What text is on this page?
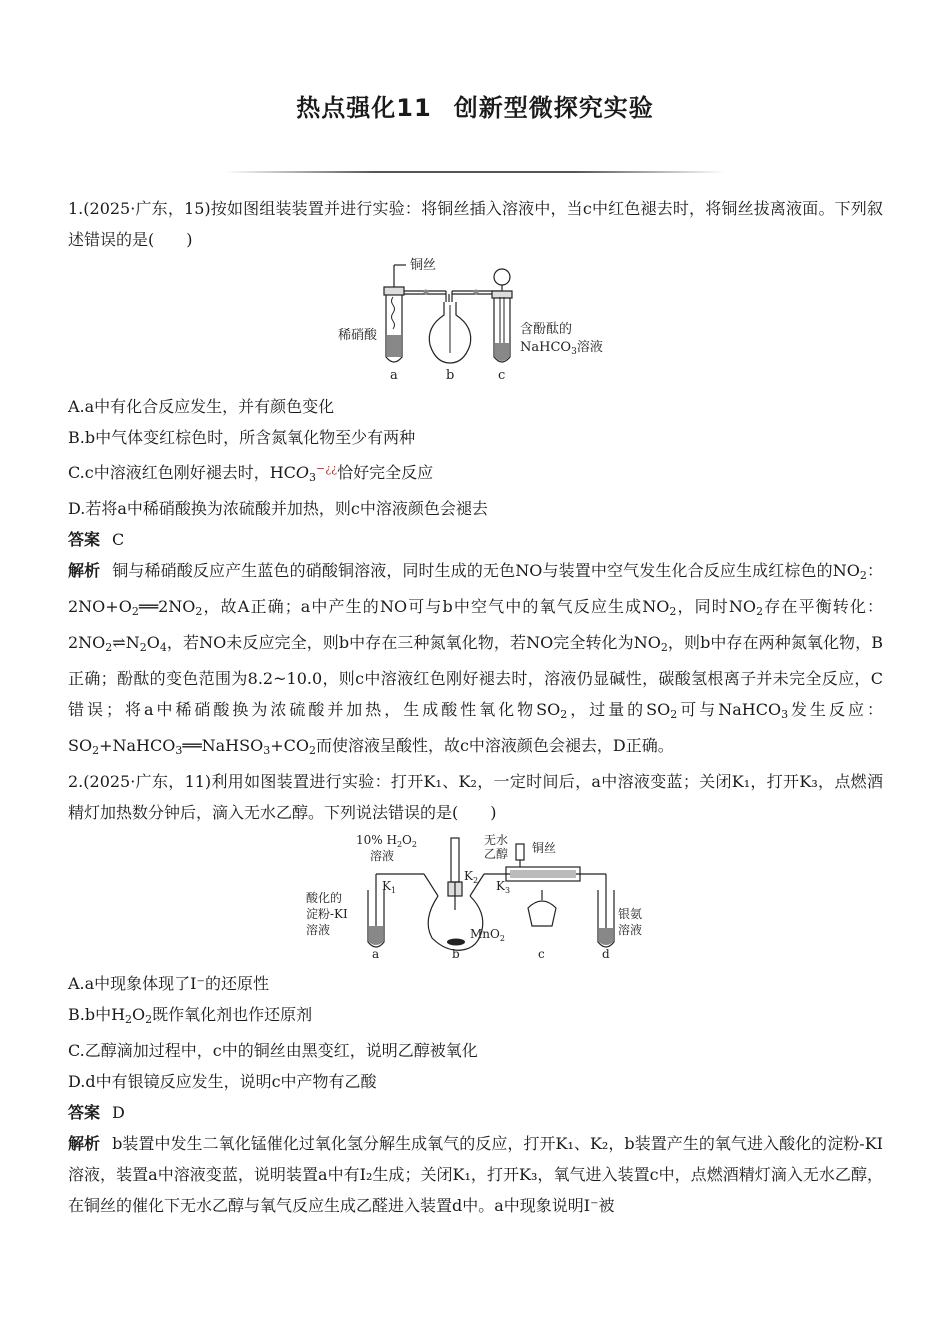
热点强化11 创新型微探究实验

1.(2025·广东，15)按如图组装装置并进行实验：将铜丝插入溶液中，当c中红色褪去时，将铜丝拔离液面。下列叙述错误的是(　　)

铜丝
稀硝酸	含酚酞的
NaHCO$_3$溶液
a	b	c

A.a中有化合反应发生，并有颜色变化

B.b中气体变红棕色时，所含氮氧化物至少有两种

C.c中溶液红色刚好褪去时，$HCO_3^{-¿¿}$恰好完全反应

D.若将a中稀硝酸换为浓硫酸并加热，则c中溶液颜色会褪去

答案 C

解析 铜与稀硝酸反应产生蓝色的硝酸铜溶液，同时生成的无色NO与装置中空气发生化合反应生成红棕色的$NO_2$：$2NO+O_2══2NO_2$，故A正确；a中产生的NO可与b中空气中的氧气反应生成$NO_2$，同时$NO_2$存在平衡转化：$2NO_2\rightleftharpoons N_2O_4$，若NO未反应完全，则b中存在三种氮氧化物，若NO完全转化为$NO_2$，则b中存在两种氮氧化物，B正确；酚酞的变色范围为8.2~10.0，则c中溶液红色刚好褪去时，溶液仍显碱性，碳酸氢根离子并未完全反应，C错误；将a中稀硝酸换为浓硫酸并加热，生成酸性氧化物$SO_2$，过量的$SO_2$可与NaHCO$_3$发生反应：$SO_2+NaHCO_3══NaHSO_3+CO_2$而使溶液呈酸性，故c中溶液颜色会褪去，D正确。

2.(2025·广东，11)利用如图装置进行实验：打开K₁、K₂，一定时间后，a中溶液变蓝；关闭K₁，打开K₃，点燃酒精灯加热数分钟后，滴入无水乙醇。下列说法错误的是(　　)

10% $H_2O_2$
溶液
无水
乙醇 铜丝
$K_1$
$K_2$ $K_3$
酸化的
淀粉-KI
溶液	MnO$_2$
银氨
溶液
a	b	c	d

A.a中现象体现了I⁻的还原性

B.b中$H_2O_2$既作氧化剂也作还原剂

C.乙醇滴加过程中，c中的铜丝由黑变红，说明乙醇被氧化

D.d中有银镜反应发生，说明c中产物有乙酸

答案 D

解析 b装置中发生二氧化锰催化过氧化氢分解生成氧气的反应，打开K₁、K₂，b装置产生的氧气进入酸化的淀粉-KI溶液，装置a中溶液变蓝，说明装置a中有I₂生成；关闭K₁，打开K₃，氧气进入装置c中，点燃酒精灯滴入无水乙醇，在铜丝的催化下无水乙醇与氧气反应生成乙醛进入装置d中。a中现象说明I⁻被
